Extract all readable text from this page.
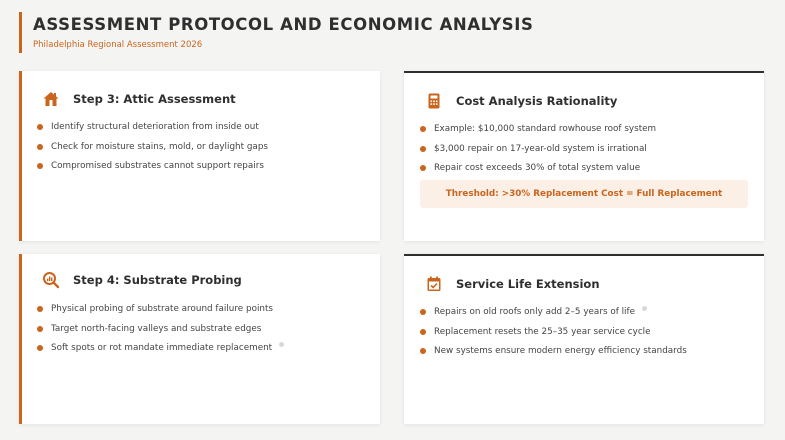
ASSESSMENT PROTOCOL AND ECONOMIC ANALYSIS
Philadelphia Regional Assessment 2026
Step 3: Attic Assessment
Identify structural deterioration from inside out
Check for moisture stains, mold, or daylight gaps
Compromised substrates cannot support repairs
Cost Analysis Rationality
Example: $10,000 standard rowhouse roof system
$3,000 repair on 17-year-old system is irrational
Repair cost exceeds 30% of total system value
Threshold: >30% Replacement Cost = Full Replacement
Step 4: Substrate Probing
Physical probing of substrate around failure points
Target north-facing valleys and substrate edges
Soft spots or rot mandate immediate replacement
Service Life Extension
Repairs on old roofs only add 2–5 years of life
Replacement resets the 25–35 year service cycle
New systems ensure modern energy efficiency standards
